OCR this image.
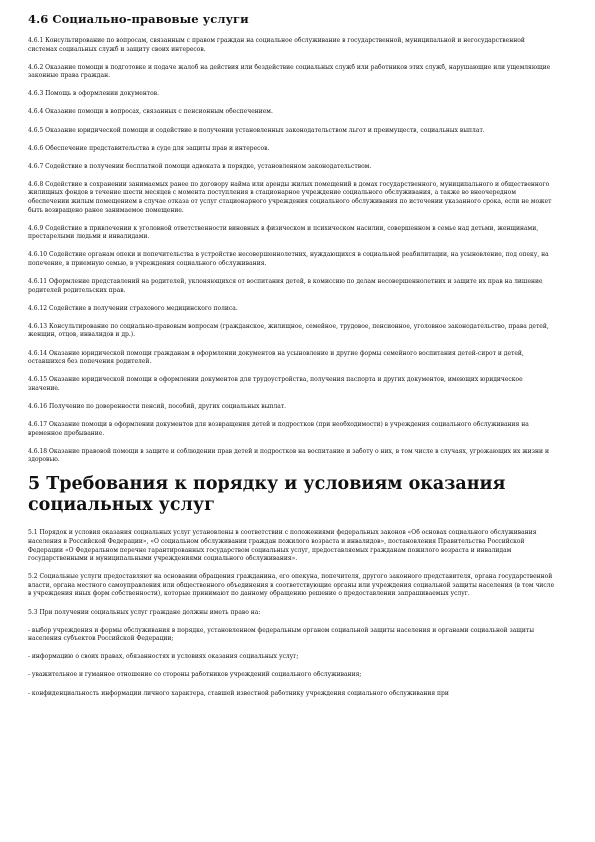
4.6 Социально-правовые услуги
4.6.1 Консультирование по вопросам, связанным с правом граждан на социальное обслуживание в государственной, муниципальной и негосударственной системах социальных служб и защиту своих интересов.
4.6.2 Оказание помощи в подготовке и подаче жалоб на действия или бездействие социальных служб или работников этих служб, нарушающие или ущемляющие законные права граждан.
4.6.3 Помощь в оформлении документов.
4.6.4 Оказание помощи в вопросах, связанных с пенсионным обеспечением.
4.6.5 Оказание юридической помощи и содействие в получении установленных законодательством льгот и преимуществ, социальных выплат.
4.6.6 Обеспечение представительства в суде для защиты прав и интересов.
4.6.7 Содействие в получении бесплатной помощи адвоката в порядке, установленном законодательством.
4.6.8 Содействие в сохранении занимаемых ранее по договору найма или аренды жилых помещений в домах государственного, муниципального и общественного жилищных фондов в течение шести месяцев с момента поступления в стационарное учреждение социального обслуживания, а также во внеочередном обеспечении жилым помещением в случае отказа от услуг стационарного учреждения социального обслуживания по истечении указанного срока, если не может быть возвращено ранее занимаемое помещение.
4.6.9 Содействие в привлечении к уголовной ответственности виновных в физическом и психическом насилии, совершенном в семье над детьми, женщинами, престарелыми людьми и инвалидами.
4.6.10 Содействие органам опеки и попечительства в устройстве несовершеннолетних, нуждающихся в социальной реабилитации, на усыновление, под опеку, на попечение, в приемную семью, в учреждения социального обслуживания.
4.6.11 Оформление представлений на родителей, уклоняющихся от воспитания детей, в комиссию по делам несовершеннолетних и защите их прав на лишение родителей родительских прав.
4.6.12 Содействие в получении страхового медицинского полиса.
4.6.13 Консультирование по социально-правовым вопросам (гражданское, жилищное, семейное, трудовое, пенсионное, уголовное законодательство, права детей, женщин, отцов, инвалидов и др.).
4.6.14 Оказание юридической помощи гражданам в оформлении документов на усыновление и другие формы семейного воспитания детей-сирот и детей, оставшихся без попечения родителей.
4.6.15 Оказание юридической помощи в оформлении документов для трудоустройства, получения паспорта и других документов, имеющих юридическое значение.
4.6.16 Получение по доверенности пенсий, пособий, других социальных выплат.
4.6.17 Оказание помощи в оформлении документов для возвращения детей и подростков (при необходимости) в учреждения социального обслуживания на временное пребывание.
4.6.18 Оказание правовой помощи в защите и соблюдении прав детей и подростков на воспитание и заботу о них, в том числе в случаях, угрожающих их жизни и здоровью.
5 Требования к порядку и условиям оказания социальных услуг
5.1 Порядок и условия оказания социальных услуг установлены в соответствии с положениями федеральных законов «Об основах социального обслуживания населения в Российской Федерации», «О социальном обслуживании граждан пожилого возраста и инвалидов», постановления Правительства Российской Федерации «О Федеральном перечне гарантированных государством социальных услуг, предоставляемых гражданам пожилого возраста и инвалидам государственными и муниципальными учреждениями социального обслуживания».
5.2 Социальные услуги предоставляют на основании обращения гражданина, его опекуна, попечителя, другого законного представителя, органа государственной власти, органа местного самоуправления или общественного объединения в соответствующие органы или учреждения социальной защиты населения (в том числе в учреждения иных форм собственности), которые принимают по данному обращению решение о предоставлении запрашиваемых услуг.
5.3 При получении социальных услуг граждане должны иметь право на:
- выбор учреждения и формы обслуживания в порядке, установленном федеральным органом социальной защиты населения и органами социальной защиты населения субъектов Российской Федерации;
- информацию о своих правах, обязанностях и условиях оказания социальных услуг;
- уважительное и гуманное отношение со стороны работников учреждений социального обслуживания;
- конфиденциальность информации личного характера, ставшей известной работнику учреждения социального обслуживания при
